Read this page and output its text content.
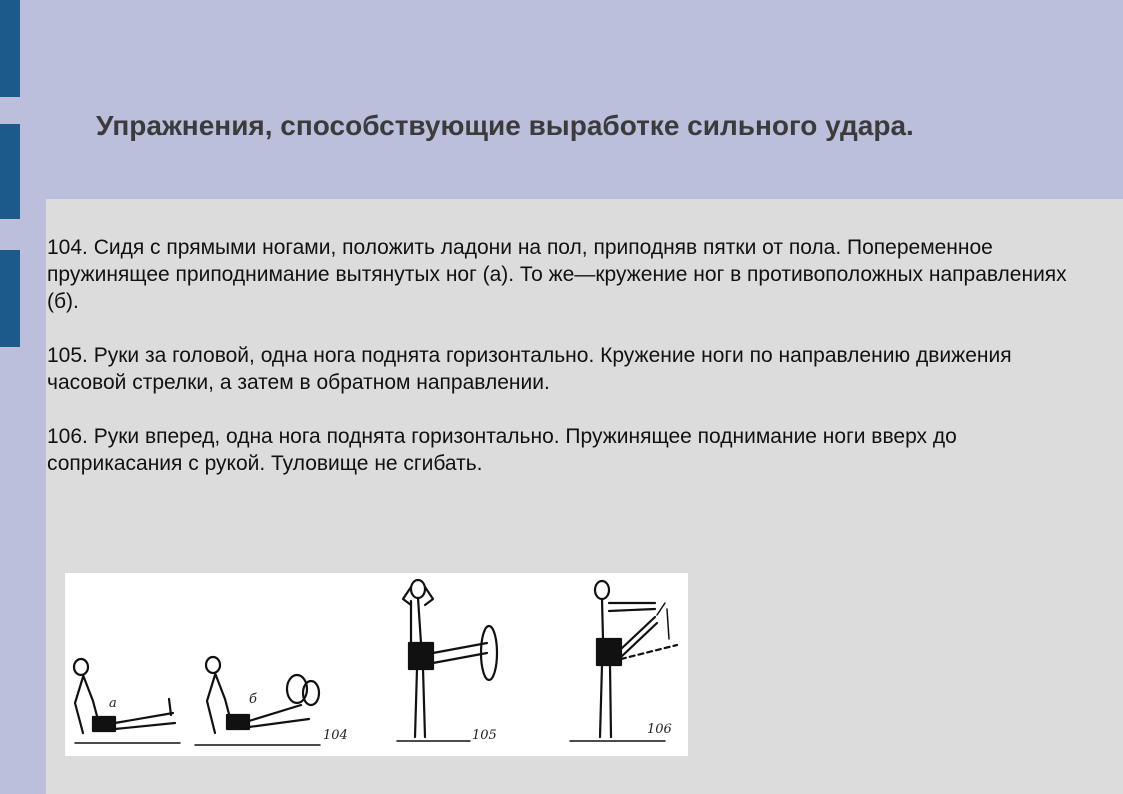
Упражнения, способствующие выработке сильного удара.

104. Сидя с прямыми ногами, положить ладони на пол, приподняв пятки от пола. Попеременное пружинящее приподнимание вытянутых ног (а). То же—кружение ног в противоположных направлениях (б).

105. Руки за головой, одна нога поднята горизонтально. Кружение ноги по направлению движения часовой стрелки, а затем в обратном направлении.

106. Руки вперед, одна нога поднята горизонтально. Пружинящее поднимание ноги вверх до соприкасания с рукой. Туловище не сгибать.

а	б
104	105	106
